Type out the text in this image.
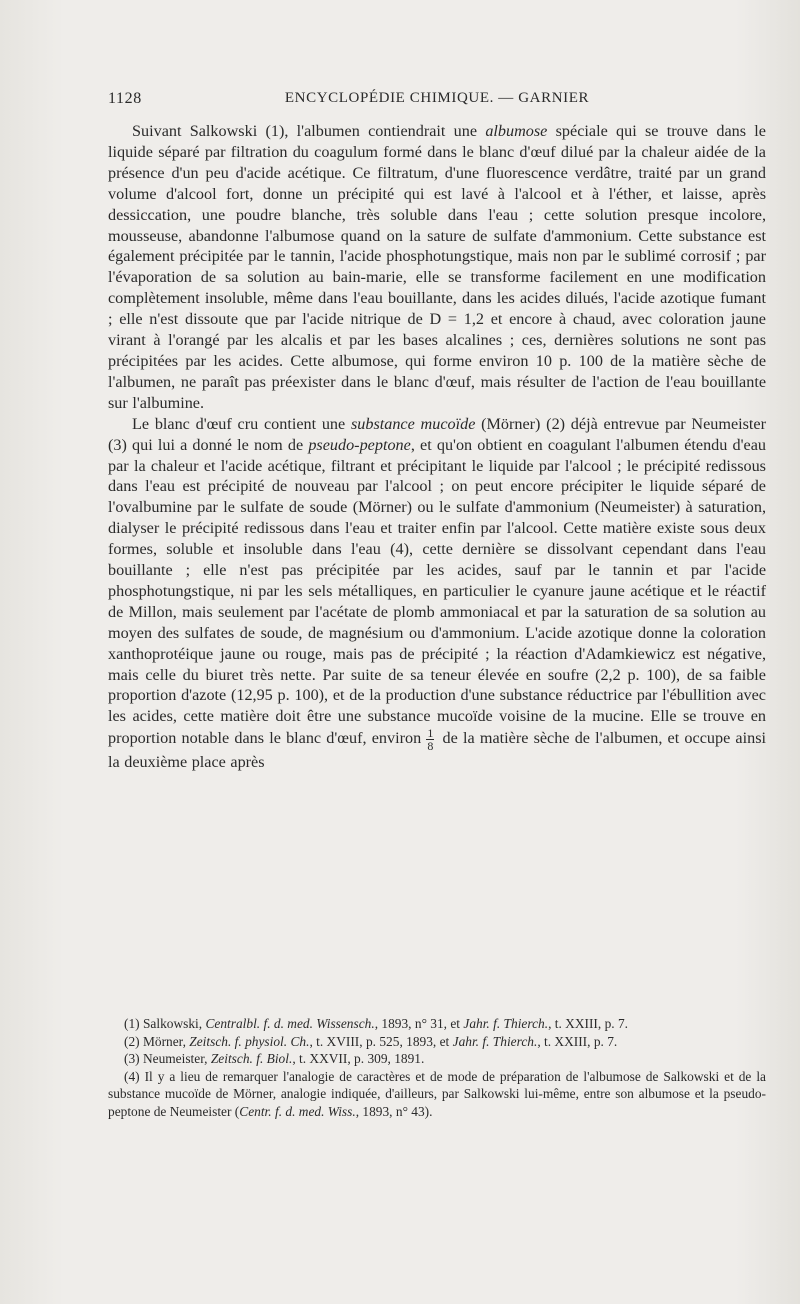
1128	ENCYCLOPÉDIE CHIMIQUE. — GARNIER

Suivant Salkowski (1), l'albumen contiendrait une albumose spéciale qui se trouve dans le liquide séparé par filtration du coagulum formé dans le blanc d'œuf dilué par la chaleur aidée de la présence d'un peu d'acide acétique. Ce filtratum, d'une fluorescence verdâtre, traité par un grand volume d'alcool fort, donne un précipité qui est lavé à l'alcool et à l'éther, et laisse, après dessiccation, une poudre blanche, très soluble dans l'eau ; cette solution presque incolore, mousseuse, abandonne l'albumose quand on la sature de sulfate d'ammonium. Cette substance est également précipitée par le tannin, l'acide phosphotungstique, mais non par le sublimé corrosif ; par l'évaporation de sa solution au bain-marie, elle se transforme facilement en une modification complètement insoluble, même dans l'eau bouillante, dans les acides dilués, l'acide azotique fumant ; elle n'est dissoute que par l'acide nitrique de D = 1,2 et encore à chaud, avec coloration jaune virant à l'orangé par les alcalis et par les bases alcalines ; ces, dernières solutions ne sont pas précipitées par les acides. Cette albumose, qui forme environ 10 p. 100 de la matière sèche de l'albumen, ne paraît pas préexister dans le blanc d'œuf, mais résulter de l'action de l'eau bouillante sur l'albumine.

Le blanc d'œuf cru contient une substance mucoïde (Mörner) (2) déjà entrevue par Neumeister (3) qui lui a donné le nom de pseudo-peptone, et qu'on obtient en coagulant l'albumen étendu d'eau par la chaleur et l'acide acétique, filtrant et précipitant le liquide par l'alcool ; le précipité redissous dans l'eau est précipité de nouveau par l'alcool ; on peut encore précipiter le liquide séparé de l'ovalbumine par le sulfate de soude (Mörner) ou le sulfate d'ammonium (Neumeister) à saturation, dialyser le précipité redissous dans l'eau et traiter enfin par l'alcool. Cette matière existe sous deux formes, soluble et insoluble dans l'eau (4), cette dernière se dissolvant cependant dans l'eau bouillante ; elle n'est pas précipitée par les acides, sauf par le tannin et par l'acide phosphotungstique, ni par les sels métalliques, en particulier le cyanure jaune acétique et le réactif de Millon, mais seulement par l'acétate de plomb ammoniacal et par la saturation de sa solution au moyen des sulfates de soude, de magnésium ou d'ammonium. L'acide azotique donne la coloration xanthoprotéique jaune ou rouge, mais pas de précipité ; la réaction d'Adamkiewicz est négative, mais celle du biuret très nette. Par suite de sa teneur élevée en soufre (2,2 p. 100), de sa faible proportion d'azote (12,95 p. 100), et de la production d'une substance réductrice par l'ébullition avec les acides, cette matière doit être une substance mucoïde voisine de la mucine. Elle se trouve en proportion notable dans le blanc d'œuf, environ $\frac{1}{8}$ de la matière sèche de l'albumen, et occupe ainsi la deuxième place après

(1) Salkowski, Centralbl. f. d. med. Wissensch., 1893, n° 31, et Jahr. f. Thierch., t. XXIII, p. 7.

(2) Mörner, Zeitsch. f. physiol. Ch., t. XVIII, p. 525, 1893, et Jahr. f. Thierch., t. XXIII, p. 7.

(3) Neumeister, Zeitsch. f. Biol., t. XXVII, p. 309, 1891.

(4) Il y a lieu de remarquer l'analogie de caractères et de mode de préparation de l'albumose de Salkowski et de la substance mucoïde de Mörner, analogie indiquée, d'ailleurs, par Salkowski lui-même, entre son albumose et la pseudo-peptone de Neumeister (Centr. f. d. med. Wiss., 1893, n° 43).
